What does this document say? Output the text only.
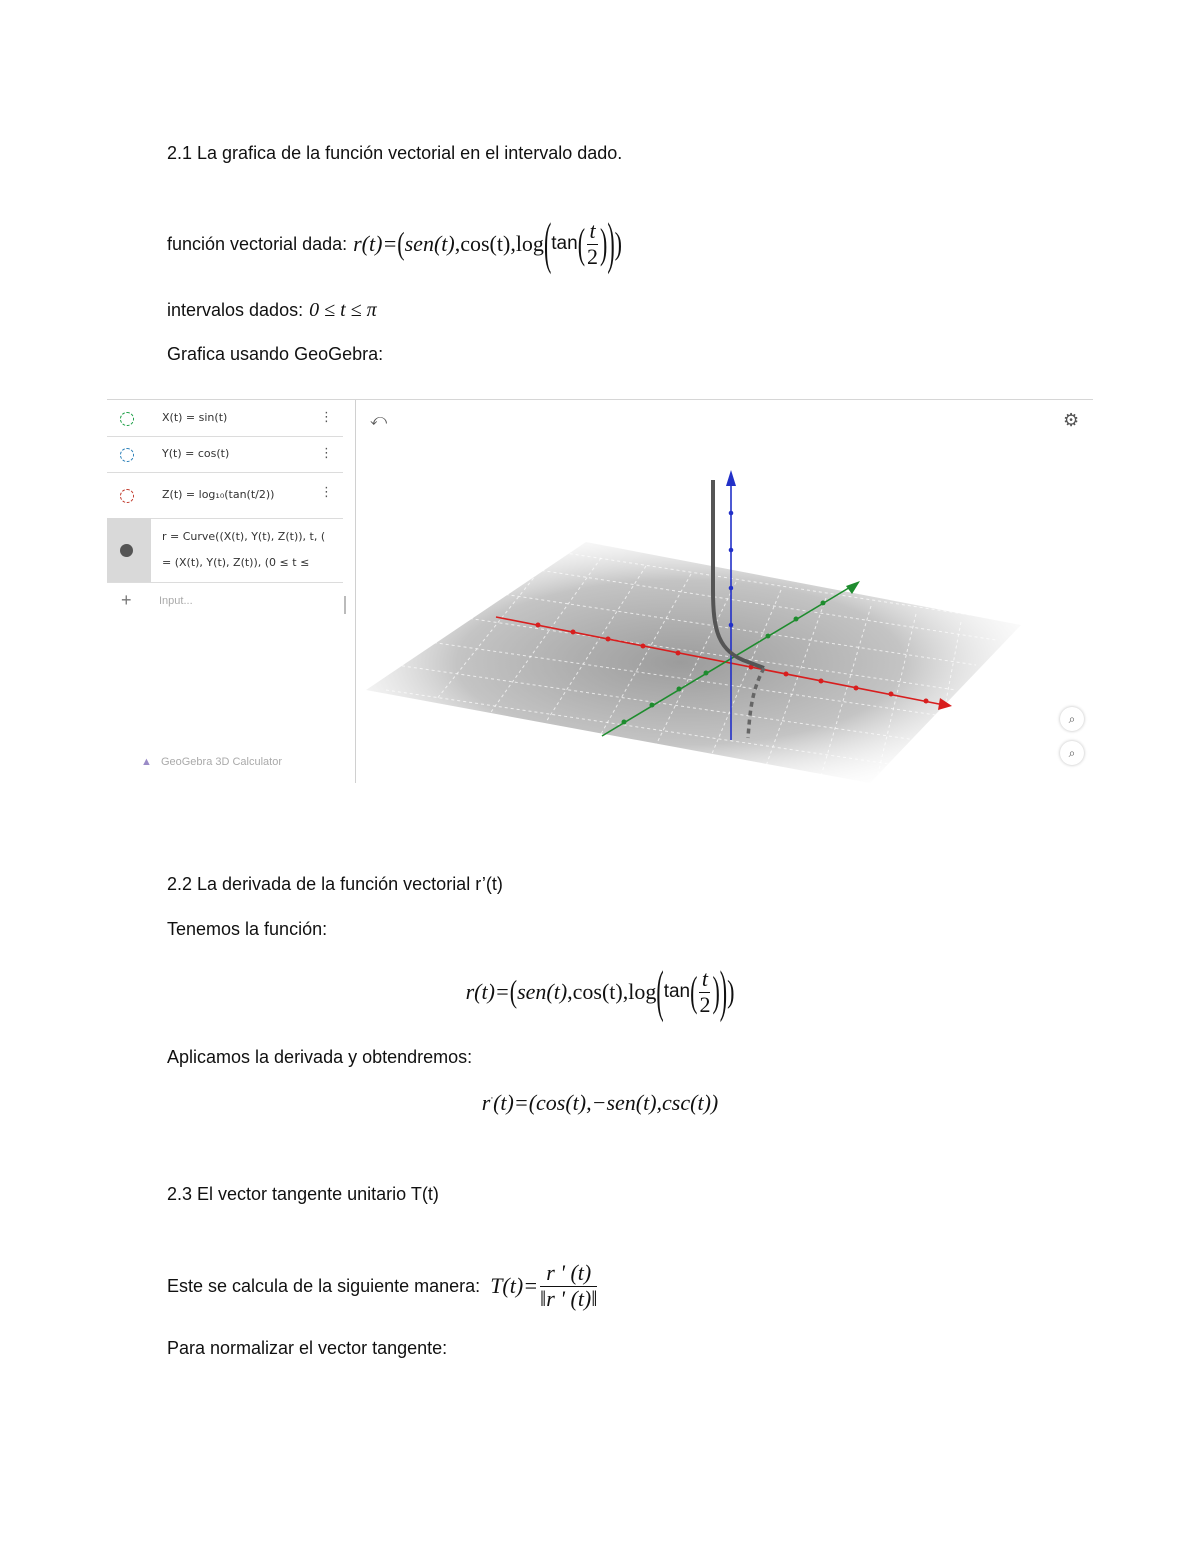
2.1 La grafica de la función vectorial en el intervalo dado.
función vectorial dada: r(t)= ( sen(t) , cos(t) , log ( tan ( $\frac{t}{2}$ ) ) )
intervalos dados: 0 ≤ t ≤ π
Grafica usando GeoGebra:
X(t) = sin(t)	⋮
Y(t) = cos(t)	⋮
Z(t) = log₁₀(tan(t/2))	⋮
r = Curve((X(t), Y(t), Z(t)), t, (
= (X(t), Y(t), Z(t)), (0 ≤ t ≤
+ Input...
▲ GeoGebra 3D Calculator
⤺	⚙
⌕
⌕
2.2 La derivada de la función vectorial r’(t)
Tenemos la función:
r(t)= ( sen(t) , cos(t) , log ( tan ( $\frac{t}{2}$ ) ) )
Aplicamos la derivada y obtendremos:
r·(t)=(cos(t),−sen(t),csc(t))
2.3 El vector tangente unitario T(t)
Este se calcula de la siguiente manera: $T(t)= \frac{r ' (t)}{‖r ' (t)‖}$
Para normalizar el vector tangente:
